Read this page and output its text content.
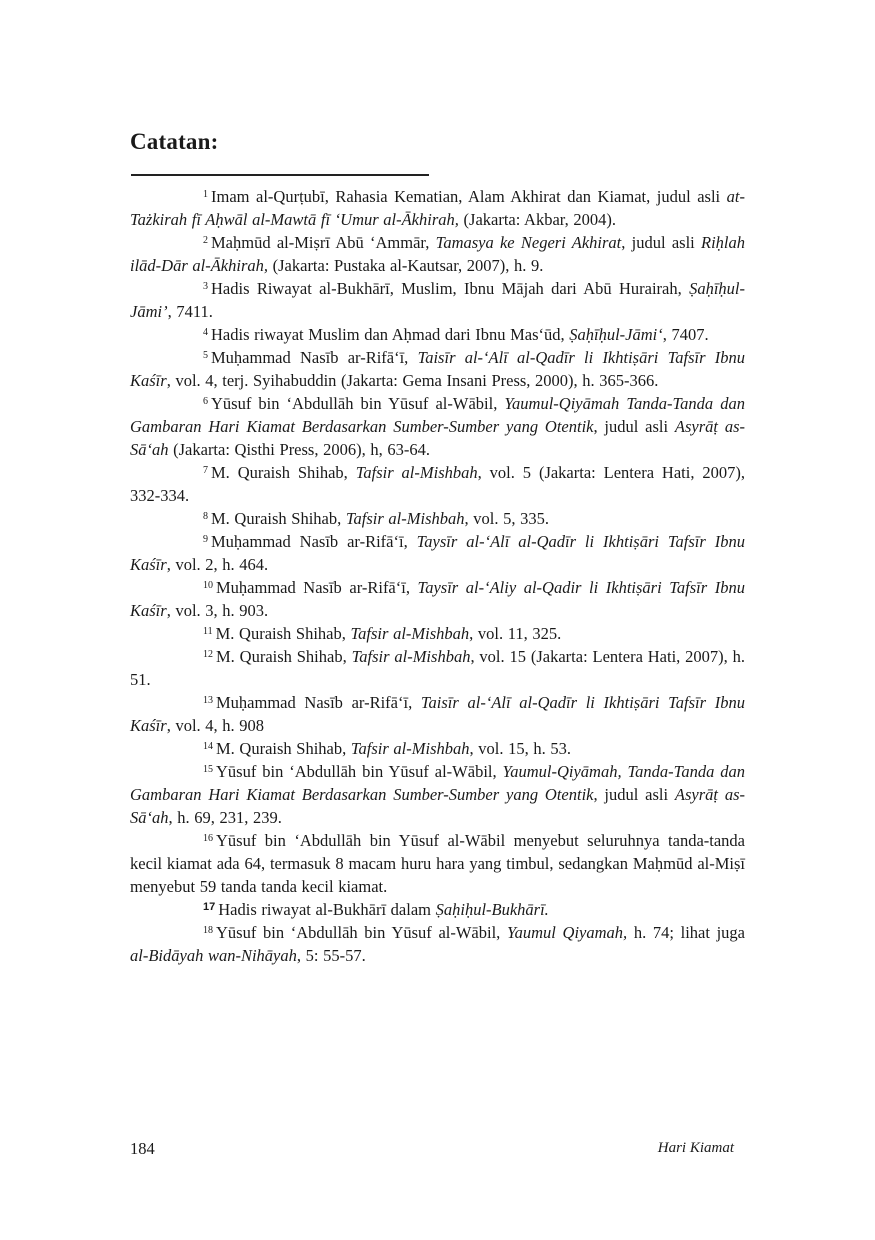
Catatan:

$^1$ Imam al-Qurṭubī, Rahasia Kematian, Alam Akhirat dan Kiamat, judul asli at-Tażkirah fī Aḥwāl al-Mawtā fī ‘Umur al-Ākhirah, (Jakarta: Akbar, 2004).

$^2$ Maḥmūd al-Miṣrī Abū ‘Ammār, Tamasya ke Negeri Akhirat, judul asli Riḥlah ilād-Dār al-Ākhirah, (Jakarta: Pustaka al-Kautsar, 2007), h. 9.

$^3$ Hadis Riwayat al-Bukhārī, Muslim, Ibnu Mājah dari Abū Hurairah, Ṣaḥīḥul-Jāmi’, 7411.

$^4$ Hadis riwayat Muslim dan Aḥmad dari Ibnu Mas‘ūd, Ṣaḥīḥul-Jāmi‘, 7407.

$^5$ Muḥammad Nasīb ar-Rifā‘ī, Taisīr al-‘Alī al-Qadīr li Ikhtiṣāri Tafsīr Ibnu Kaśīr, vol. 4, terj. Syihabuddin (Jakarta: Gema Insani Press, 2000), h. 365-366.

$^6$ Yūsuf bin ‘Abdullāh bin Yūsuf al-Wābil, Yaumul-Qiyāmah Tanda-Tanda dan Gambaran Hari Kiamat Berdasarkan Sumber-Sumber yang Otentik, judul asli Asyrāṭ as-Sā‘ah (Jakarta: Qisthi Press, 2006), h, 63-64.

$^7$ M. Quraish Shihab, Tafsir al-Mishbah, vol. 5 (Jakarta: Lentera Hati, 2007), 332-334.

$^8$ M. Quraish Shihab, Tafsir al-Mishbah, vol. 5, 335.

$^9$ Muḥammad Nasīb ar-Rifā‘ī, Taysīr al-‘Alī al-Qadīr li Ikhtiṣāri Tafsīr Ibnu Kaśīr, vol. 2, h. 464.

$^{10}$ Muḥammad Nasīb ar-Rifā‘ī, Taysīr al-‘Aliy al-Qadir li Ikhtiṣāri Tafsīr Ibnu Kaśīr, vol. 3, h. 903.

$^{11}$ M. Quraish Shihab, Tafsir al-Mishbah, vol. 11, 325.

$^{12}$ M. Quraish Shihab, Tafsir al-Mishbah, vol. 15 (Jakarta: Lentera Hati, 2007), h. 51.

$^{13}$ Muḥammad Nasīb ar-Rifā‘ī, Taisīr al-‘Alī al-Qadīr li Ikhtiṣāri Tafsīr Ibnu Kaśīr, vol. 4, h. 908

$^{14}$ M. Quraish Shihab, Tafsir al-Mishbah, vol. 15, h. 53.

$^{15}$ Yūsuf bin ‘Abdullāh bin Yūsuf al-Wābil, Yaumul-Qiyāmah, Tanda-Tanda dan Gambaran Hari Kiamat Berdasarkan Sumber-Sumber yang Otentik, judul asli Asyrāṭ as-Sā‘ah, h. 69, 231, 239.

$^{16}$ Yūsuf bin ‘Abdullāh bin Yūsuf al-Wābil menyebut seluruhnya tanda-tanda kecil kiamat ada 64, termasuk 8 macam huru hara yang timbul, sedangkan Maḥmūd al-Miṣī menyebut 59 tanda tanda kecil kiamat.

$^{17}$ Hadis riwayat al-Bukhārī dalam Ṣaḥiḥul-Bukhārī.

$^{18}$ Yūsuf bin ‘Abdullāh bin Yūsuf al-Wābil, Yaumul Qiyamah, h. 74; lihat juga al-Bidāyah wan-Nihāyah, 5: 55-57.

184	Hari Kiamat
